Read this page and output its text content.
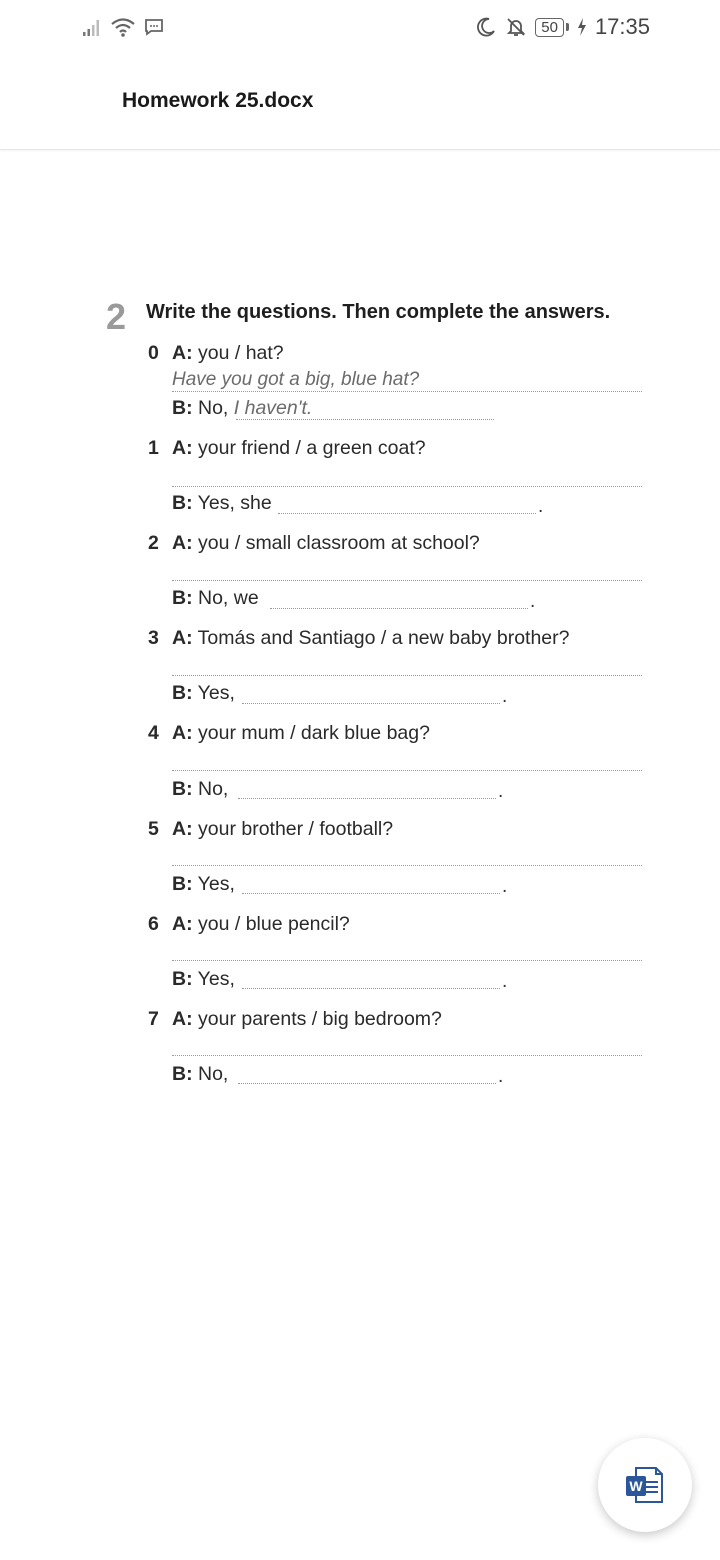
50 17:35
Homework 25.docx
2 Write the questions. Then complete the answers.
0 A: you / hat?
Have you got a big, blue hat?
B: No, I haven't.
1 A: your friend / a green coat?
B: Yes, she	.
2 A: you / small classroom at school?
B: No, we	.
3 A: Tomás and Santiago / a new baby brother?
B: Yes,	.
4 A: your mum / dark blue bag?
B: No,	.
5 A: your brother / football?
B: Yes,	.
6 A: you / blue pencil?
B: Yes,	.
7 A: your parents / big bedroom?
B: No,	.
W
